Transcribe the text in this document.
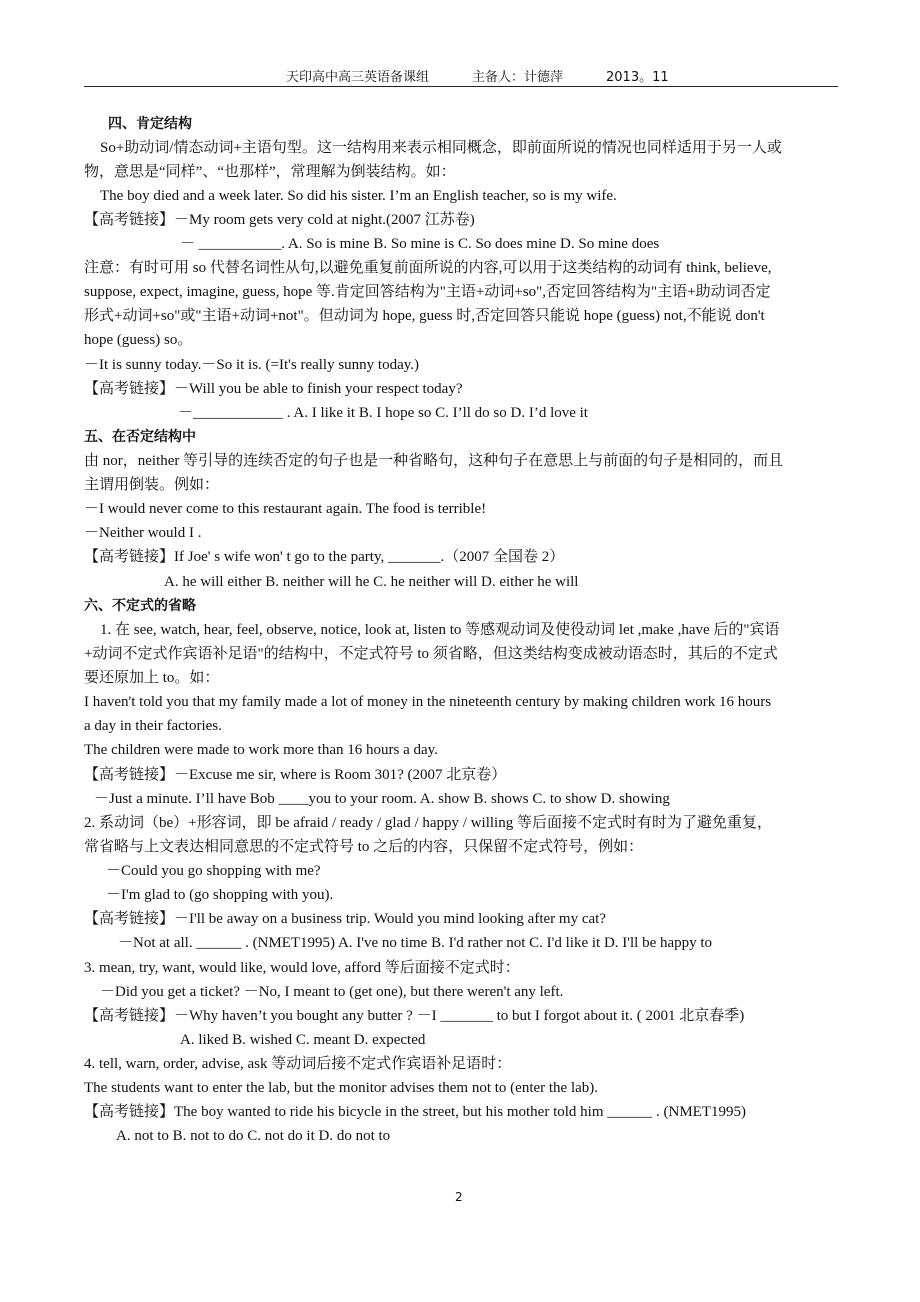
天印高中高三英语备课组	主备人：计德萍	2013。11
四、肯定结构
So+助动词/情态动词+主语句型。这一结构用来表示相同概念，即前面所说的情况也同样适用于另一人或
物，意思是“同样”、“也那样”，常理解为倒装结构。如：
The boy died and a week later. So did his sister. I’m an English teacher, so is my wife.
【高考链接】－My room gets very cold at night.(2007 江苏卷)
－ ___________. A. So is mine B. So mine is C. So does mine D. So mine does
注意：有时可用 so 代替名词性从句,以避免重复前面所说的内容,可以用于这类结构的动词有 think, believe,
suppose, expect, imagine, guess, hope 等.肯定回答结构为"主语+动词+so",否定回答结构为"主语+助动词否定
形式+动词+so"或"主语+动词+not"。但动词为 hope, guess 时,否定回答只能说 hope (guess) not,不能说 don't
hope (guess) so。
－It is sunny today.－So it is. (=It's really sunny today.)
【高考链接】－Will you be able to finish your respect today?
－____________ . A. I like it B. I hope so C. I’ll do so D. I’d love it
五、在否定结构中
由 nor，neither 等引导的连续否定的句子也是一种省略句，这种句子在意思上与前面的句子是相同的，而且
主谓用倒装。例如：
－I would never come to this restaurant again. The food is terrible!
－Neither would I .
【高考链接】If Joe' s wife won' t go to the party, _______.（2007 全国卷 2）
A. he will either B. neither will he C. he neither will D. either he will
六、不定式的省略
1. 在 see, watch, hear, feel, observe, notice, look at, listen to 等感观动词及使役动词 let ,make ,have 后的"宾语
+动词不定式作宾语补足语"的结构中，不定式符号 to 须省略，但这类结构变成被动语态时，其后的不定式
要还原加上 to。如：
I haven't told you that my family made a lot of money in the nineteenth century by making children work 16 hours
a day in their factories.
The children were made to work more than 16 hours a day.
【高考链接】－Excuse me sir, where is Room 301? (2007 北京卷）
－Just a minute. I’ll have Bob ____you to your room. A. show B. shows C. to show D. showing
2. 系动词（be）+形容词，即 be afraid / ready / glad / happy / willing 等后面接不定式时有时为了避免重复，
常省略与上文表达相同意思的不定式符号 to 之后的内容，只保留不定式符号，例如：
－Could you go shopping with me?
－I'm glad to (go shopping with you).
【高考链接】－I'll be away on a business trip. Would you mind looking after my cat?
－Not at all. ______ . (NMET1995) A. I've no time B. I'd rather not C. I'd like it D. I'll be happy to
3. mean, try, want, would like, would love, afford 等后面接不定式时：
－Did you get a ticket? －No, I meant to (get one), but there weren't any left.
【高考链接】－Why haven’t you bought any butter ? －I _______ to but I forgot about it. ( 2001 北京春季)
A. liked B. wished C. meant D. expected
4. tell, warn, order, advise, ask 等动词后接不定式作宾语补足语时：
The students want to enter the lab, but the monitor advises them not to (enter the lab).
【高考链接】The boy wanted to ride his bicycle in the street, but his mother told him ______ . (NMET1995)
A. not to B. not to do C. not do it D. do not to
2
